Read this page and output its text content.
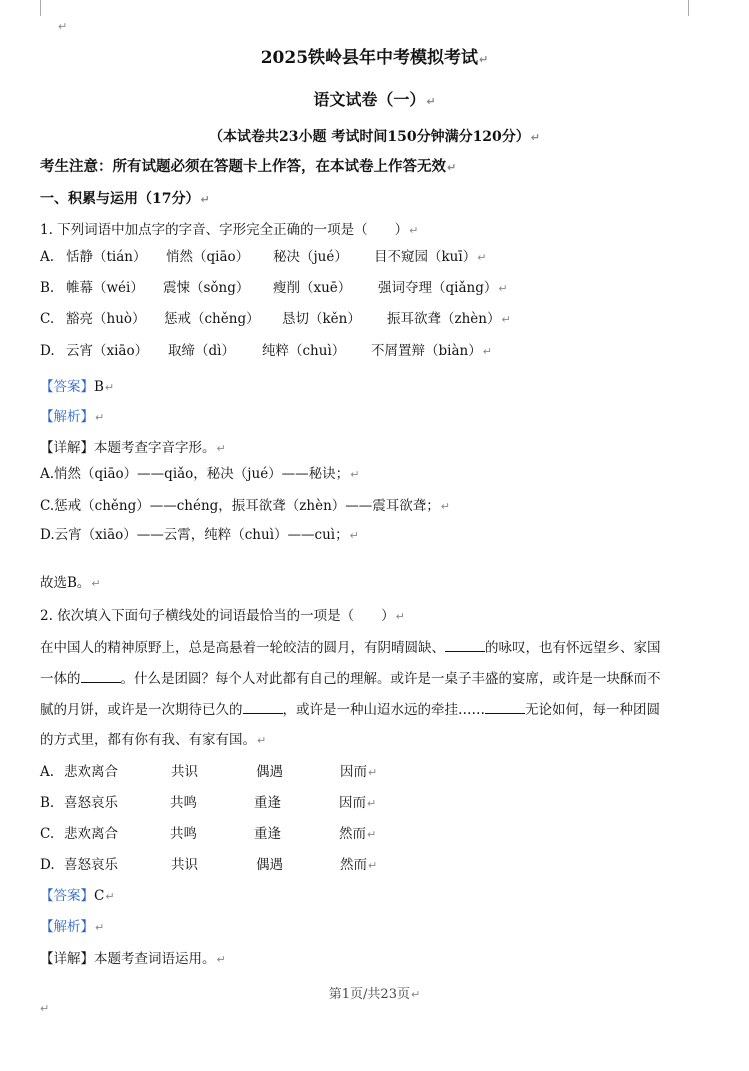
↵
2025铁岭县年中考模拟考试↵
语文试卷（一）↵
（本试卷共23小题 考试时间150分钟满分120分）↵
考生注意：所有试题必须在答题卡上作答，在本试卷上作答无效↵
一、积累与运用（17分）↵
1. 下列词语中加点字的字音、字形完全正确的一项是（　　）↵
A. 恬静（tián） 悄然（qiāo） 秘决（jué） 目不窥园（kuī）↵
B. 帷幕（wéi） 震悚（sǒng） 瘦削（xuē） 强词夺理（qiǎng）↵
C. 豁亮（huò） 惩戒（chěng） 恳切（kěn） 振耳欲聋（zhèn）↵
D. 云宵（xiāo） 取缔（dì） 纯粹（chuì） 不屑置辩（biàn）↵
【答案】B↵
【解析】↵
【详解】本题考查字音字形。↵
A.悄然（qiāo）——qiǎo，秘决（jué）——秘诀；↵
C.惩戒（chěng）——chéng，振耳欲聋（zhèn）——震耳欲聋；↵
D.云宵（xiāo）——云霄，纯粹（chuì）——cuì；↵
故选B。↵
2. 依次填入下面句子横线处的词语最恰当的一项是（　　）↵
在中国人的精神原野上，总是高悬着一轮皎洁的圆月，有阴晴圆缺、	的咏叹，也有怀远望乡、家国
一体的	。什么是团圆？每个人对此都有自己的理解。或许是一桌子丰盛的宴席，或许是一块酥而不
腻的月饼，或许是一次期待已久的	，或许是一种山迢水远的牵挂……	无论如何，每一种团圆
的方式里，都有你有我、有家有国。↵
A. 悲欢离合	共识	偶遇	因而↵
B. 喜怒哀乐	共鸣	重逢	因而↵
C. 悲欢离合	共鸣	重逢	然而↵
D. 喜怒哀乐	共识	偶遇	然而↵
【答案】C↵
【解析】↵
【详解】本题考查词语运用。↵
第1页/共23页↵
↵
